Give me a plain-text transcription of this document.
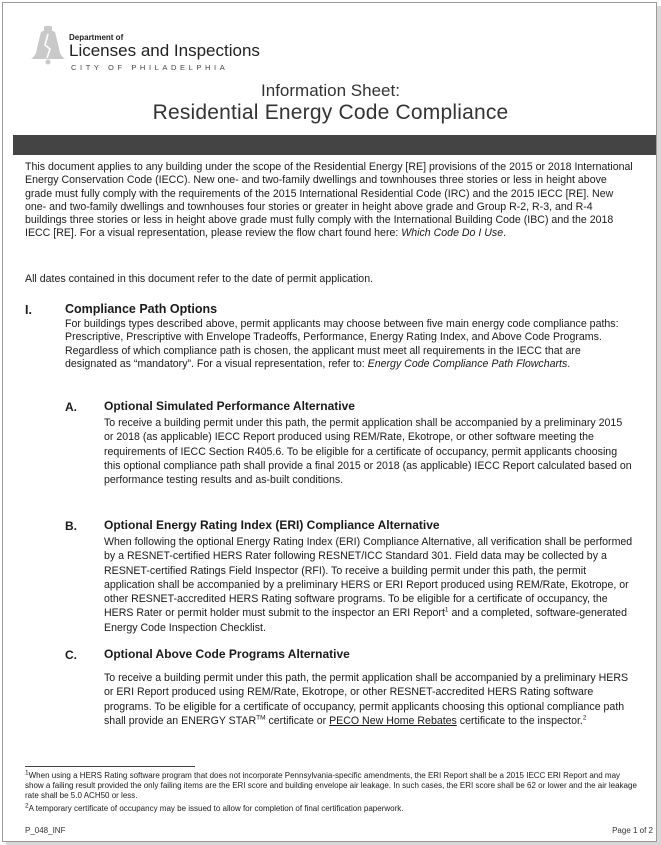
Department of
Licenses and Inspections
CITY OF PHILADELPHIA
Information Sheet:
Residential Energy Code Compliance

This document applies to any building under the scope of the Residential Energy [RE] provisions of the 2015 or 2018 International Energy Conservation Code (IECC). New one- and two-family dwellings and townhouses three stories or less in height above grade must fully comply with the requirements of the 2015 International Residential Code (IRC) and the 2015 IECC [RE]. New one- and two-family dwellings and townhouses four stories or greater in height above grade and Group R-2, R-3, and R-4 buildings three stories or less in height above grade must fully comply with the International Building Code (IBC) and the 2018 IECC [RE]. For a visual representation, please review the flow chart found here: Which Code Do I Use.

All dates contained in this document refer to the date of permit application.

I.	Compliance Path Options

For buildings types described above, permit applicants may choose between five main energy code compliance paths: Prescriptive, Prescriptive with Envelope Tradeoffs, Performance, Energy Rating Index, and Above Code Programs. Regardless of which compliance path is chosen, the applicant must meet all requirements in the IECC that are designated as “mandatory”. For a visual representation, refer to: Energy Code Compliance Path Flowcharts.

A. Optional Simulated Performance Alternative

To receive a building permit under this path, the permit application shall be accompanied by a preliminary 2015 or 2018 (as applicable) IECC Report produced using REM/Rate, Ekotrope, or other software meeting the requirements of IECC Section R405.6. To be eligible for a certificate of occupancy, permit applicants choosing this optional compliance path shall provide a final 2015 or 2018 (as applicable) IECC Report calculated based on performance testing results and as-built conditions.

B. Optional Energy Rating Index (ERI) Compliance Alternative

When following the optional Energy Rating Index (ERI) Compliance Alternative, all verification shall be performed by a RESNET-certified HERS Rater following RESNET/ICC Standard 301. Field data may be collected by a RESNET-certified Ratings Field Inspector (RFI). To receive a building permit under this path, the permit application shall be accompanied by a preliminary HERS or ERI Report produced using REM/Rate, Ekotrope, or other RESNET-accredited HERS Rating software programs. To be eligible for a certificate of occupancy, the HERS Rater or permit holder must submit to the inspector an ERI Report$^1$ and a completed, software-generated Energy Code Inspection Checklist.

C. Optional Above Code Programs Alternative

To receive a building permit under this path, the permit application shall be accompanied by a preliminary HERS or ERI Report produced using REM/Rate, Ekotrope, or other RESNET-accredited HERS Rating software programs. To be eligible for a certificate of occupancy, permit applicants choosing this optional compliance path shall provide an ENERGY STAR™ certificate or PECO New Home Rebates certificate to the inspector.$^2$

$^1$When using a HERS Rating software program that does not incorporate Pennsylvania-specific amendments, the ERI Report shall be a 2015 IECC ERI Report and may show a failing result provided the only failing items are the ERI score and building envelope air leakage. In such cases, the ERI score shall be 62 or lower and the air leakage rate shall be 5.0 ACH50 or less.

$^2$A temporary certificate of occupancy may be issued to allow for completion of final certification paperwork.

P_048_INF	Page 1 of 2
